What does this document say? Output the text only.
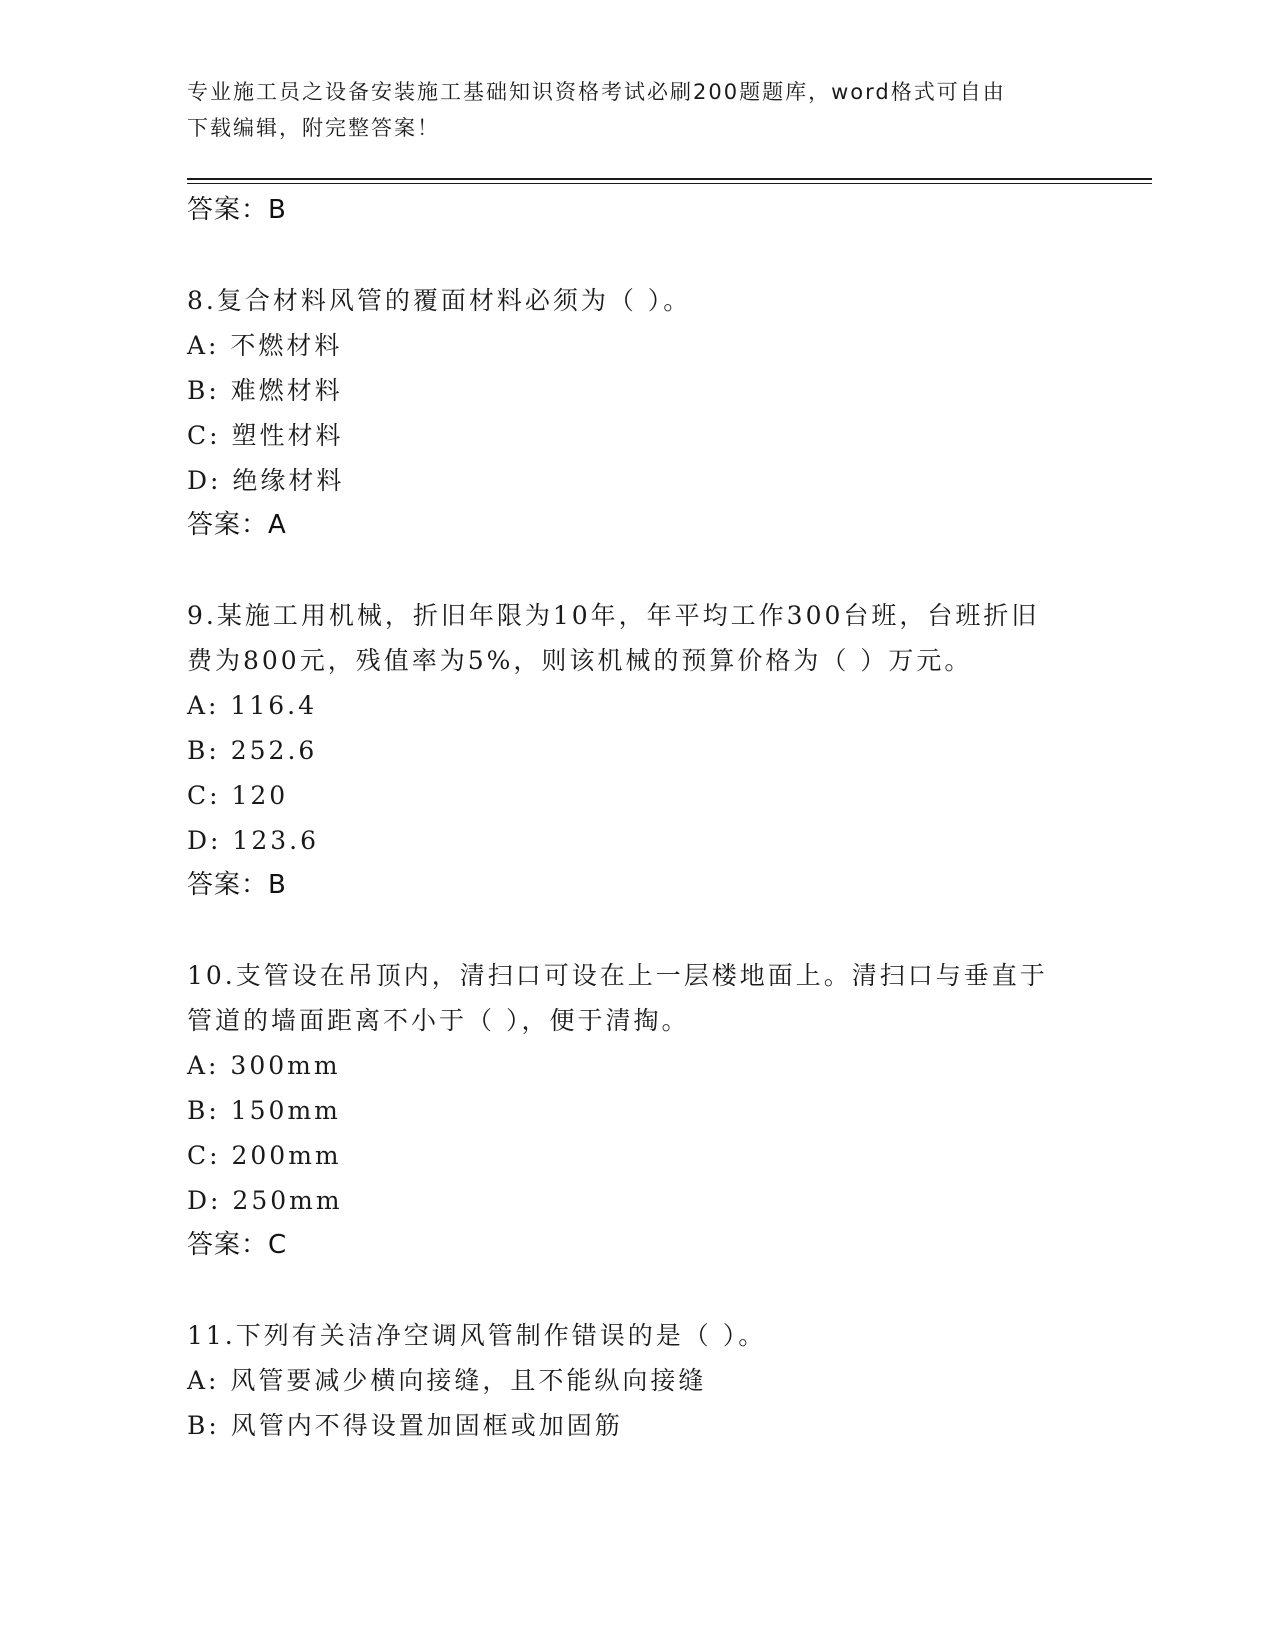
专业施工员之设备安装施工基础知识资格考试必刷200题题库，word格式可自由
下载编辑，附完整答案！
答案：B
8.复合材料风管的覆面材料必须为（ ）。
A: 不燃材料
B: 难燃材料
C: 塑性材料
D: 绝缘材料
答案：A
9.某施工用机械，折旧年限为10年，年平均工作300台班，台班折旧
费为800元，残值率为5%，则该机械的预算价格为（ ）万元。
A: 116.4
B: 252.6
C: 120
D: 123.6
答案：B
10.支管设在吊顶内，清扫口可设在上一层楼地面上。清扫口与垂直于
管道的墙面距离不小于（ ），便于清掏。
A: 300mm
B: 150mm
C: 200mm
D: 250mm
答案：C
11.下列有关洁净空调风管制作错误的是（ ）。
A: 风管要减少横向接缝，且不能纵向接缝
B: 风管内不得设置加固框或加固筋
